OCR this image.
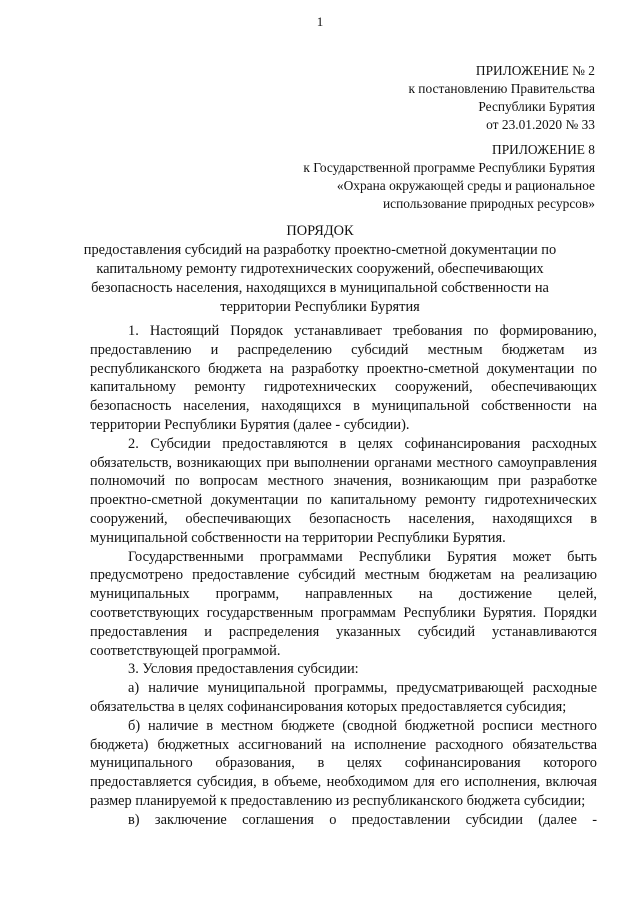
1
ПРИЛОЖЕНИЕ № 2
к постановлению Правительства
Республики Бурятия
от 23.01.2020 № 33
ПРИЛОЖЕНИЕ 8
к Государственной программе Республики Бурятия
«Охрана окружающей среды и рациональное
использование природных ресурсов»
ПОРЯДОК
предоставления субсидий на разработку проектно-сметной документации по капитальному ремонту гидротехнических сооружений, обеспечивающих безопасность населения, находящихся в муниципальной собственности на территории Республики Бурятия

1. Настоящий Порядок устанавливает требования по формированию, предоставлению и распределению субсидий местным бюджетам из республиканского бюджета на разработку проектно-сметной документации по капитальному ремонту гидротехнических сооружений, обеспечивающих безопасность населения, находящихся в муниципальной собственности на территории Республики Бурятия (далее - субсидии).

2. Субсидии предоставляются в целях софинансирования расходных обязательств, возникающих при выполнении органами местного самоуправления полномочий по вопросам местного значения, возникающим при разработке проектно-сметной документации по капитальному ремонту гидротехнических сооружений, обеспечивающих безопасность населения, находящихся в муниципальной собственности на территории Республики Бурятия.

Государственными программами Республики Бурятия может быть предусмотрено предоставление субсидий местным бюджетам на реализацию муниципальных программ, направленных на достижение целей, соответствующих государственным программам Республики Бурятия. Порядки предоставления и распределения указанных субсидий устанавливаются соответствующей программой.

3. Условия предоставления субсидии:

а) наличие муниципальной программы, предусматривающей расходные обязательства в целях софинансирования которых предоставляется субсидия;

б) наличие в местном бюджете (сводной бюджетной росписи местного бюджета) бюджетных ассигнований на исполнение расходного обязательства муниципального образования, в целях софинансирования которого предоставляется субсидия, в объеме, необходимом для его исполнения, включая размер планируемой к предоставлению из республиканского бюджета субсидии;

в) заключение соглашения о предоставлении субсидии (далее -
